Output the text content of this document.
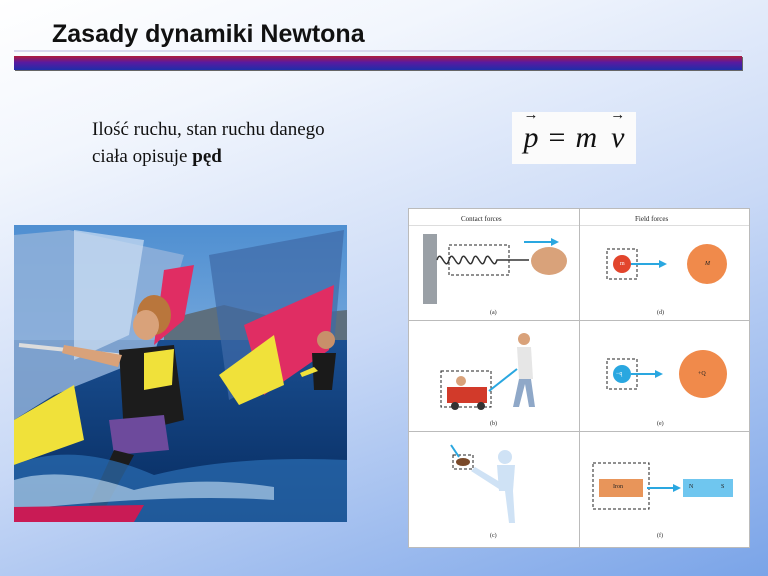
Zasady dynamiki Newtona
Ilość ruchu, stan ruchu danego
ciała opisuje pęd
→ p = m
→ v
Contact forces	Field forces
(a)
(b)
(c)
(d)
(e)
(f)
m	M
−q	+Q
Iron	N	S
